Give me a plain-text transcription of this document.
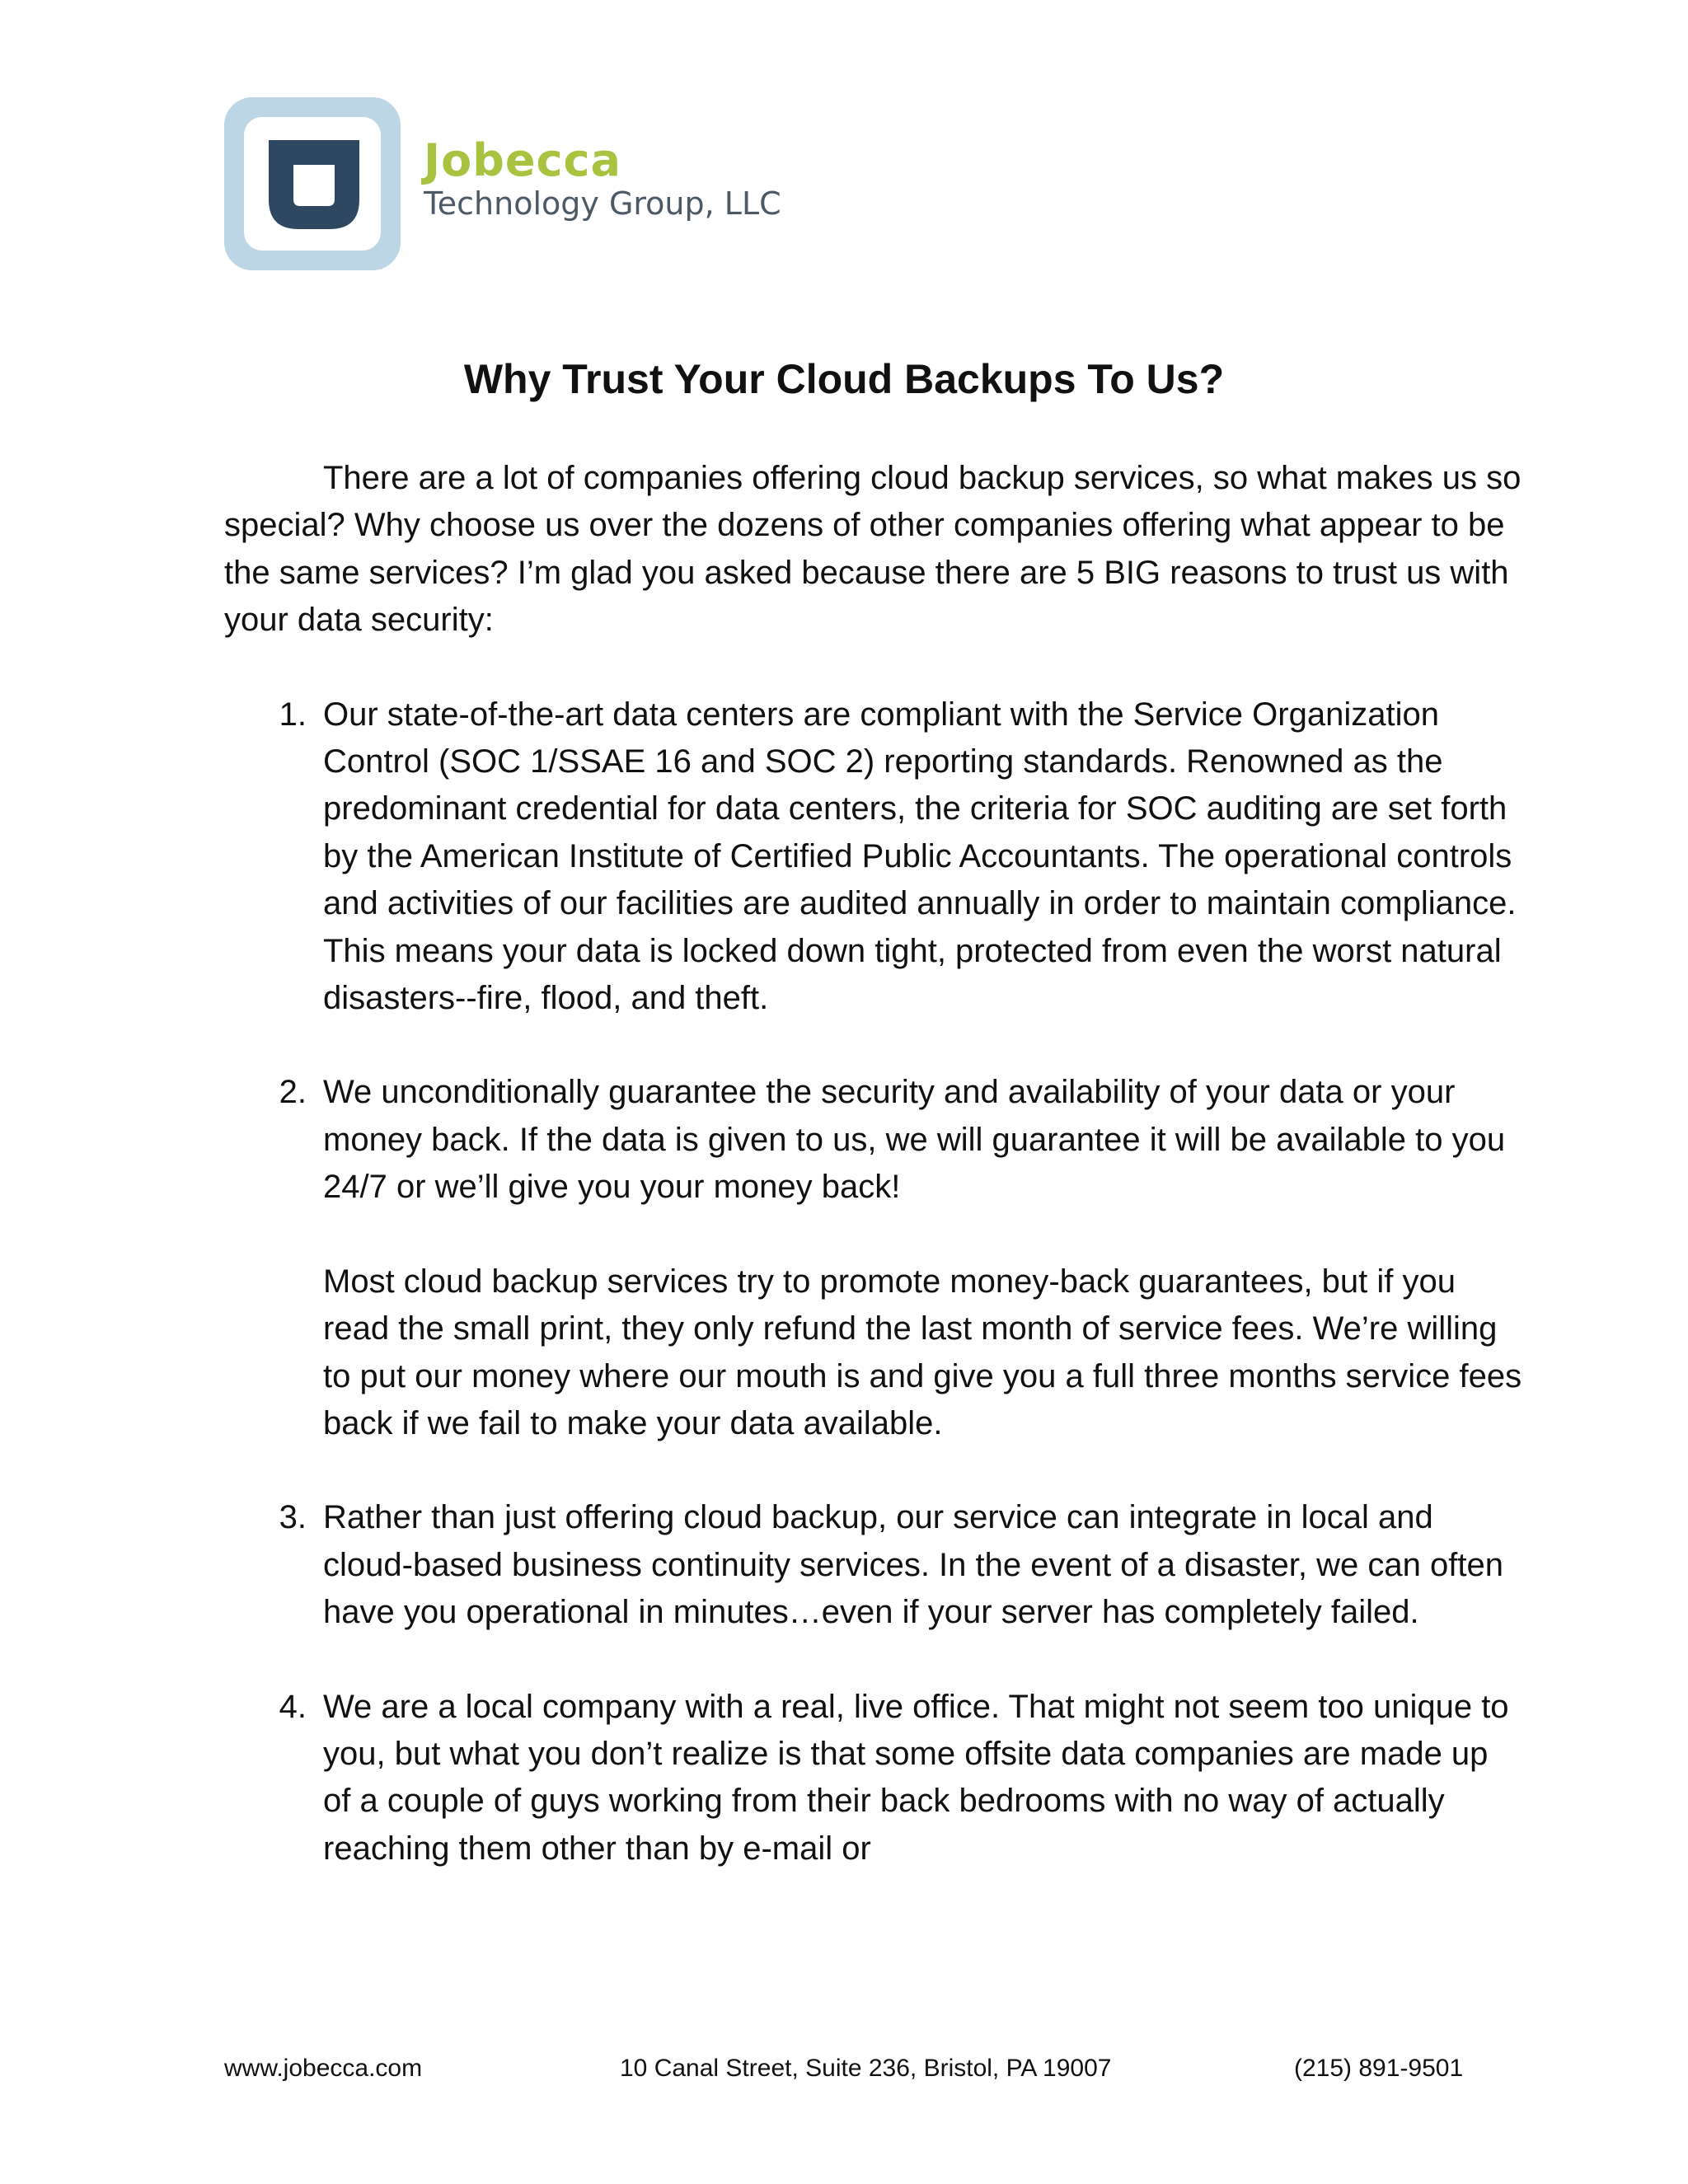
Jobecca
Technology Group, LLC
Why Trust Your Cloud Backups To Us?

There are a lot of companies offering cloud backup services, so what makes us so special? Why choose us over the dozens of other companies offering what appear to be the same services? I’m glad you asked because there are 5 BIG reasons to trust us with your data security:

1. Our state-of-the-art data centers are compliant with the Service Organization Control (SOC 1/SSAE 16 and SOC 2) reporting standards. Renowned as the predominant credential for data centers, the criteria for SOC auditing are set forth by the American Institute of Certified Public Accountants. The operational controls and activities of our facilities are audited annually in order to maintain compliance. This means your data is locked down tight, protected from even the worst natural disasters--fire, flood, and theft.

2. We unconditionally guarantee the security and availability of your data or your money back. If the data is given to us, we will guarantee it will be available to you 24/7 or we’ll give you your money back!

Most cloud backup services try to promote money-back guarantees, but if you read the small print, they only refund the last month of service fees. We’re willing to put our money where our mouth is and give you a full three months service fees back if we fail to make your data available.

3. Rather than just offering cloud backup, our service can integrate in local and cloud-based business continuity services. In the event of a disaster, we can often have you operational in minutes…even if your server has completely failed.

4. We are a local company with a real, live office. That might not seem too unique to you, but what you don’t realize is that some offsite data companies are made up of a couple of guys working from their back bedrooms with no way of actually reaching them other than by e-mail or

www.jobecca.com	10 Canal Street, Suite 236, Bristol, PA 19007	(215) 891-9501
